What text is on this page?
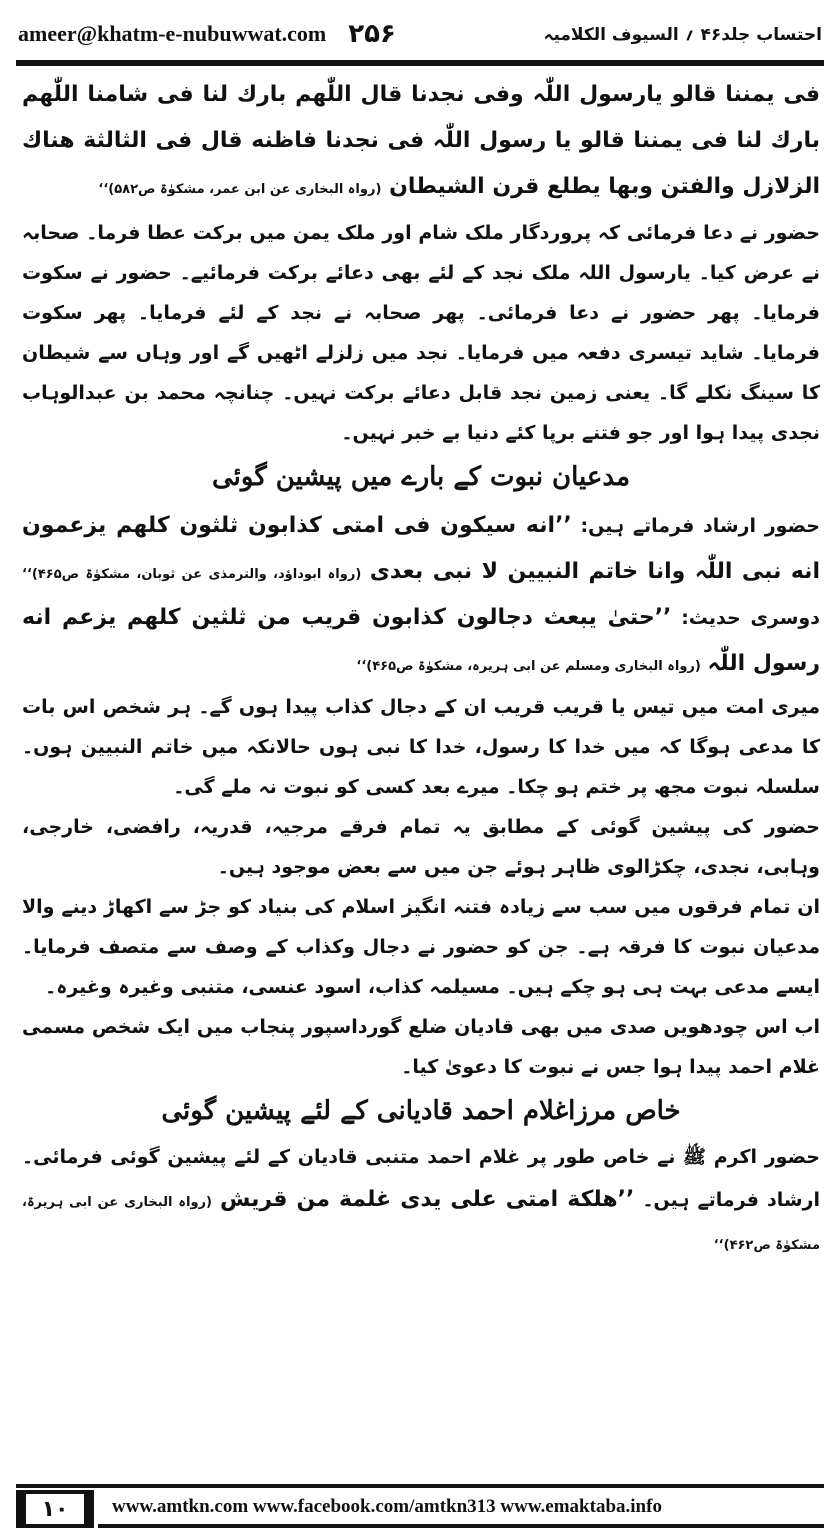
ameer@khatm-e-nubuwwat.com ۲۵۶	احتساب جلد۴۶ ؍ السیوف الکلامیہ

فی یمننا قالو یارسول اللّٰہ وفی نجدنا قال اللّٰھم بارك لنا فی شامنا اللّٰھم بارك لنا فی یمننا قالو یا رسول اللّٰہ فی نجدنا فاظنه قال فی الثالثة هناك الزلازل والفتن وبھا یطلع قرن الشیطان (رواہ البخاری عن ابن عمر، مشکوٰۃ ص۵۸۲)‘‘

حضور نے دعا فرمائی کہ پروردگار ملک شام اور ملک یمن میں برکت عطا فرما۔ صحابہ نے عرض کیا۔ یارسول اللہ ملک نجد کے لئے بھی دعائے برکت فرمائیے۔ حضور نے سکوت فرمایا۔ پھر حضور نے دعا فرمائی۔ پھر صحابہ نے نجد کے لئے فرمایا۔ پھر سکوت فرمایا۔ شاید تیسری دفعہ میں فرمایا۔ نجد میں زلزلے اٹھیں گے اور وہاں سے شیطان کا سینگ نکلے گا۔ یعنی زمین نجد قابل دعائے برکت نہیں۔ چنانچہ محمد بن عبدالوہاب نجدی پیدا ہوا اور جو فتنے برپا کئے دنیا بے خبر نہیں۔

مدعیان نبوت کے بارے میں پیشین گوئی

حضور ارشاد فرماتے ہیں: ’’انه سیکون فی امتی کذابون ثلثون کلھم یزعمون انه نبی اللّٰہ وانا خاتم النبیین لا نبی بعدی (رواہ ابوداؤد، والترمذی عن ثوبان، مشکوٰۃ ص۴۶۵)‘‘ دوسری حدیث: ’’حتیٰ یبعث دجالون کذابون قریب من ثلثین کلھم یزعم انه رسول اللّٰہ (رواہ البخاری ومسلم عن ابی ہریرہ، مشکوٰۃ ص۴۶۵)‘‘

میری امت میں تیس یا قریب قریب ان کے دجال کذاب پیدا ہوں گے۔ ہر شخص اس بات کا مدعی ہوگا کہ میں خدا کا رسول، خدا کا نبی ہوں حالانکہ میں خاتم النبیین ہوں۔ سلسلہ نبوت مجھ پر ختم ہو چکا۔ میرے بعد کسی کو نبوت نہ ملے گی۔

حضور کی پیشین گوئی کے مطابق یہ تمام فرقے مرجیہ، قدریہ، رافضی، خارجی، وہابی، نجدی، چکڑالوی ظاہر ہوئے جن میں سے بعض موجود ہیں۔

ان تمام فرقوں میں سب سے زیادہ فتنہ انگیز اسلام کی بنیاد کو جڑ سے اکھاڑ دینے والا مدعیان نبوت کا فرقہ ہے۔ جن کو حضور نے دجال وکذاب کے وصف سے متصف فرمایا۔ ایسے مدعی بہت ہی ہو چکے ہیں۔ مسیلمہ کذاب، اسود عنسی، متنبی وغیرہ وغیرہ۔

اب اس چودھویں صدی میں بھی قادیان ضلع گورداسپور پنجاب میں ایک شخص مسمی غلام احمد پیدا ہوا جس نے نبوت کا دعویٰ کیا۔

خاص مرزاغلام احمد قادیانی کے لئے پیشین گوئی

حضور اکرم ﷺ نے خاص طور پر غلام احمد متنبی قادیان کے لئے پیشین گوئی فرمائی۔ ارشاد فرماتے ہیں۔ ’’ھلکة امتی علی یدی غلمة من قریش (رواہ البخاری عن ابی ہریرۃ، مشکوٰۃ ص۴۶۲)‘‘

۱۰	www.amtkn.com www.facebook.com/amtkn313 www.emaktaba.info
